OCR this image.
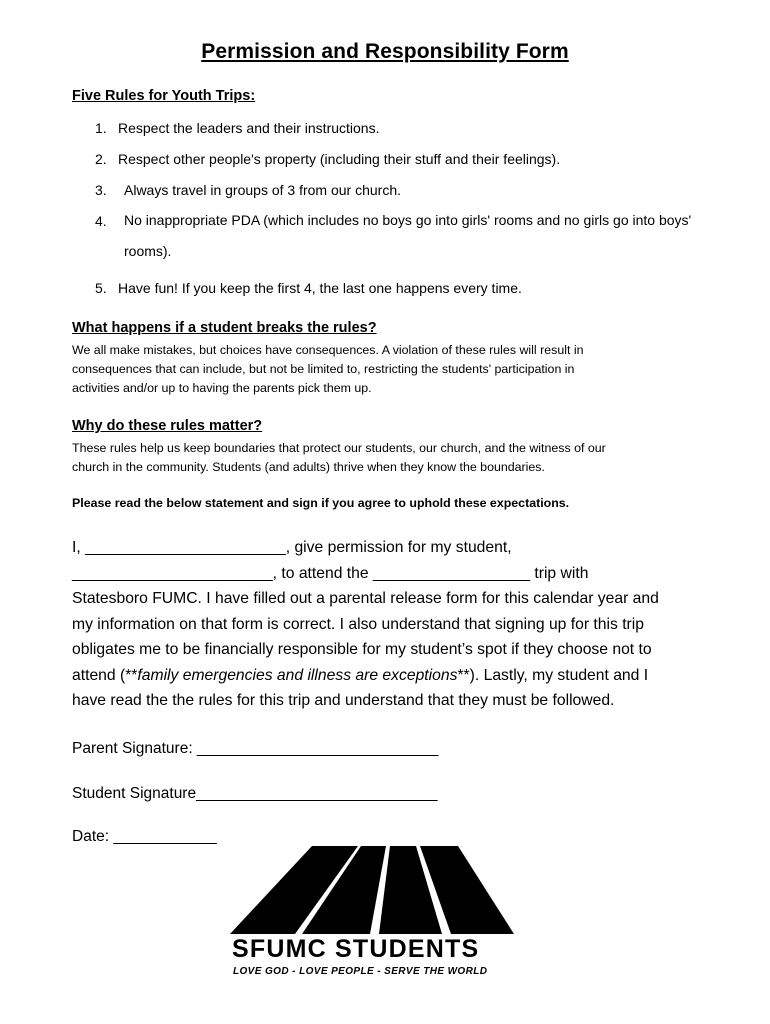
Permission and Responsibility Form
Five Rules for Youth Trips:
1. Respect the leaders and their instructions.
2. Respect other people's property (including their stuff and their feelings).
3.	Always travel in groups of 3 from our church.
4.	No inappropriate PDA (which includes no boys go into girls' rooms and no girls go into boys' rooms).
5. Have fun! If you keep the first 4, the last one happens every time.
What happens if a student breaks the rules?
We all make mistakes, but choices have consequences. A violation of these rules will result in
consequences that can include, but not be limited to, restricting the students' participation in
activities and/or up to having the parents pick them up.
Why do these rules matter?
These rules help us keep boundaries that protect our students, our church, and the witness of our
church in the community. Students (and adults) thrive when they know the boundaries.
Please read the below statement and sign if you agree to uphold these expectations.
I, _______________________, give permission for my student,
_______________________, to attend the __________________ trip with
Statesboro FUMC. I have filled out a parental release form for this calendar year and
my information on that form is correct. I also understand that signing up for this trip
obligates me to be financially responsible for my student’s spot if they choose not to
attend (**family emergencies and illness are exceptions**). Lastly, my student and I
have read the the rules for this trip and understand that they must be followed.
Parent Signature: ____________________________
Student Signature____________________________
Date: ____________
SFUMC STUDENTS
LOVE GOD - LOVE PEOPLE - SERVE THE WORLD
